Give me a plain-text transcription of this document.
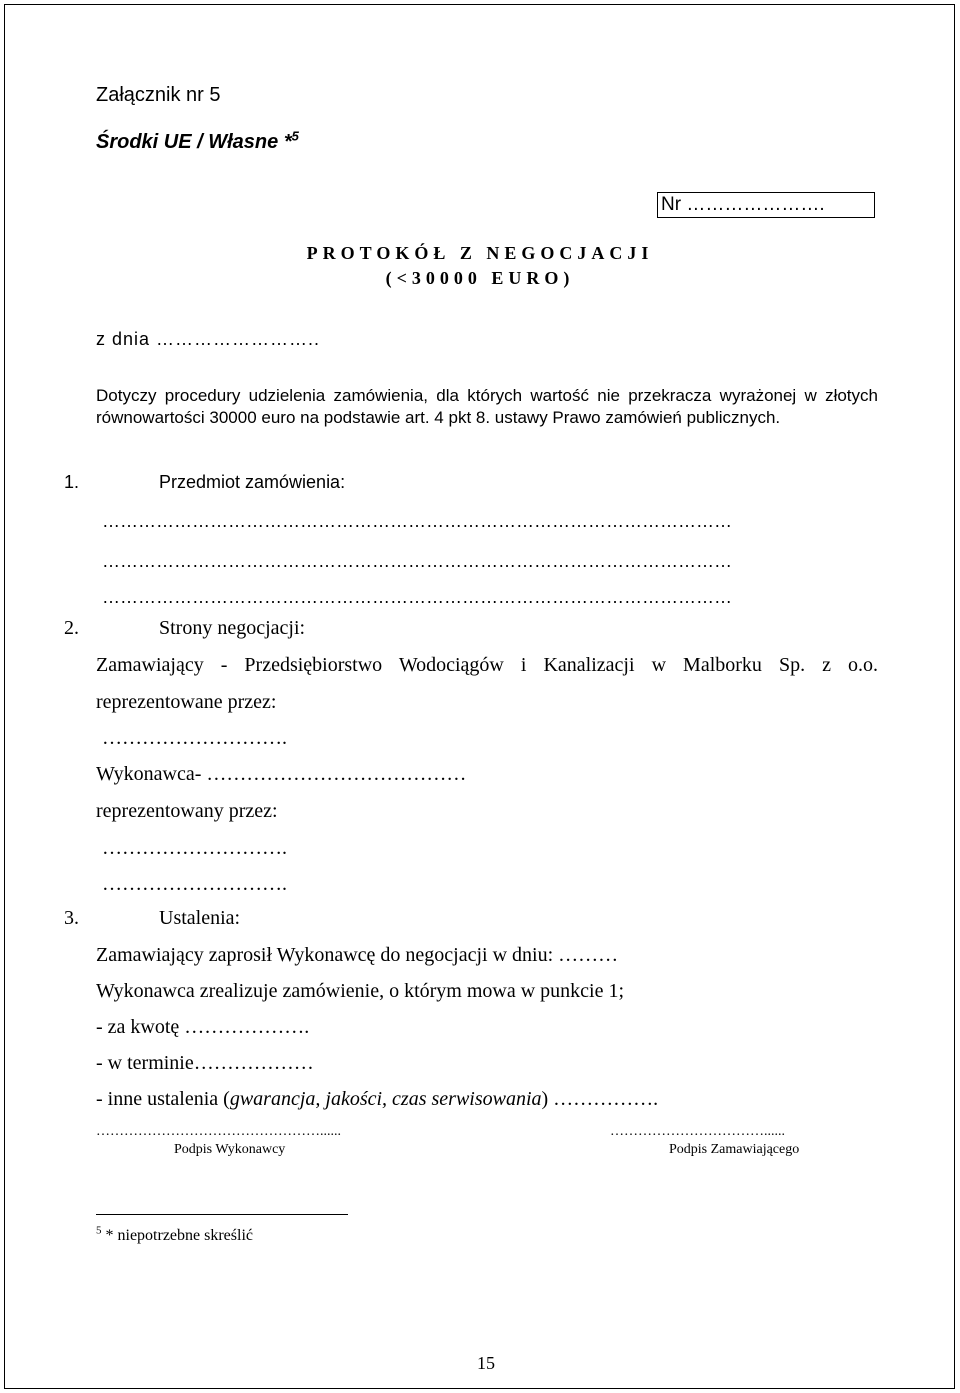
Załącznik nr 5
Środki UE / Własne *$^5$
Nr ………………….
PROTOKÓŁ Z NEGOCJACJI
(<30000 EURO)
z dnia ……………………..
Dotyczy procedury udzielenia zamówienia, dla których wartość nie przekracza wyrażonej w złotych
równowartości 30000 euro na podstawie art. 4 pkt 8. ustawy Prawo zamówień publicznych.
1.	Przedmiot zamówienia:
……………………………………………………………………………………………
……………………………………………………………………………………………
……………………………………………………………………………………………
2.	Strony negocjacji:
Zamawiający - Przedsiębiorstwo Wodociągów i Kanalizacji w Malborku Sp. z o.o.
reprezentowane przez:
……………………….
Wykonawca- …………………………………
reprezentowany przez:
……………………….
……………………….
3.	Ustalenia:
Zamawiający zaprosił Wykonawcę do negocjacji w dniu: ………
Wykonawca zrealizuje zamówienie, o którym mowa w punkcie 1;
- za kwotę ……………….
- w terminie………………
- inne ustalenia (gwarancja, jakości, czas serwisowania) …………….
…………………………………………......
Podpis Wykonawcy
……………………………......
Podpis Zamawiającego
$^5$ * niepotrzebne skreślić
15
